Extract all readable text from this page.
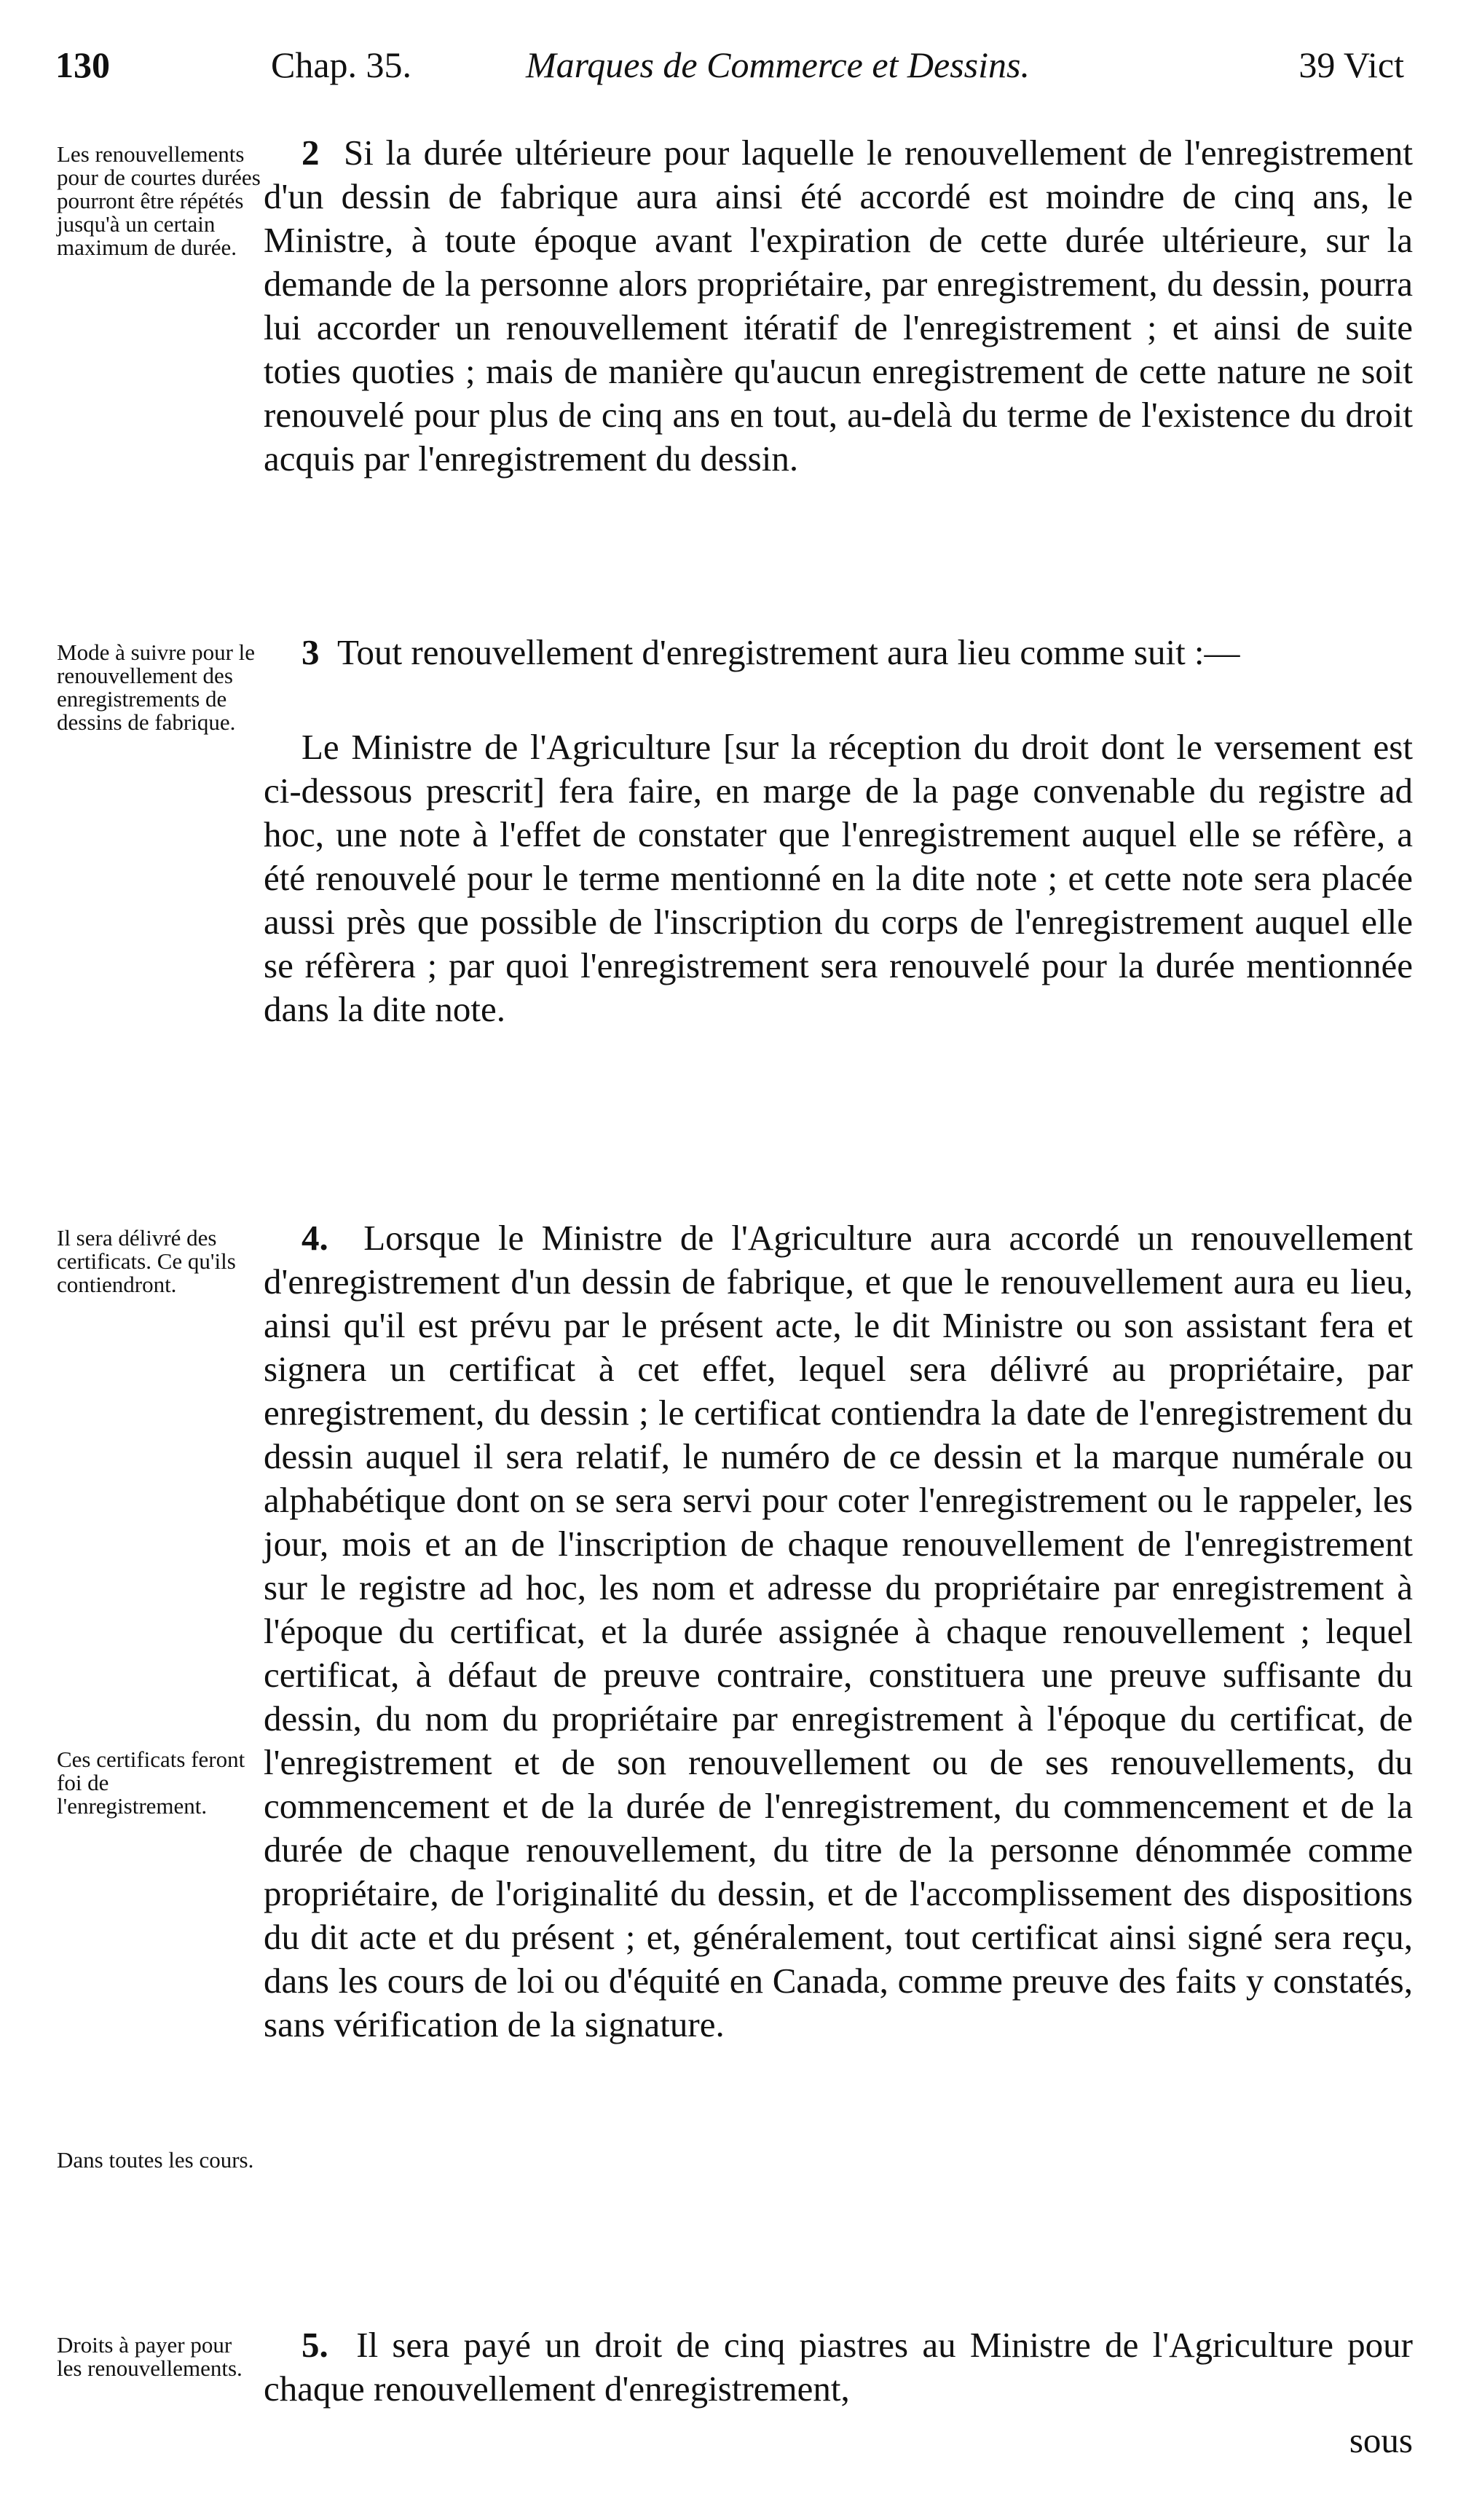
130	Chap. 35.	Marques de Commerce et Dessins.	39 Vict
Les renouvellements pour de courtes durées pourront être répétés jusqu'à un certain maximum de durée.

2 Si la durée ultérieure pour laquelle le renouvellement de l'enregistrement d'un dessin de fabrique aura ainsi été accordé est moindre de cinq ans, le Ministre, à toute époque avant l'expiration de cette durée ultérieure, sur la demande de la personne alors propriétaire, par enregistrement, du dessin, pourra lui accorder un renouvellement itératif de l'enregistrement ; et ainsi de suite toties quoties ; mais de manière qu'aucun enregistrement de cette nature ne soit renouvelé pour plus de cinq ans en tout, au-delà du terme de l'existence du droit acquis par l'enregistrement du dessin.

Mode à suivre pour le renouvellement des enregistrements de dessins de fabrique.

3 Tout renouvellement d'enregistrement aura lieu comme suit :—

Le Ministre de l'Agriculture [sur la réception du droit dont le versement est ci-dessous prescrit] fera faire, en marge de la page convenable du registre ad hoc, une note à l'effet de constater que l'enregistrement auquel elle se réfère, a été renouvelé pour le terme mentionné en la dite note ; et cette note sera placée aussi près que possible de l'inscription du corps de l'enregistrement auquel elle se réfèrera ; par quoi l'enregistrement sera renouvelé pour la durée mentionnée dans la dite note.

Il sera délivré des certificats. Ce qu'ils contiendront.
Ces certificats feront foi de l'enregistrement.
Dans toutes les cours.

4. Lorsque le Ministre de l'Agriculture aura accordé un renouvellement d'enregistrement d'un dessin de fabrique, et que le renouvellement aura eu lieu, ainsi qu'il est prévu par le présent acte, le dit Ministre ou son assistant fera et signera un certificat à cet effet, lequel sera délivré au propriétaire, par enregistrement, du dessin ; le certificat contiendra la date de l'enregistrement du dessin auquel il sera relatif, le numéro de ce dessin et la marque numérale ou alphabétique dont on se sera servi pour coter l'enregistrement ou le rappeler, les jour, mois et an de l'inscription de chaque renouvellement de l'enregistrement sur le registre ad hoc, les nom et adresse du propriétaire par enregistrement à l'époque du certificat, et la durée assignée à chaque renouvellement ; lequel certificat, à défaut de preuve contraire, constituera une preuve suffisante du dessin, du nom du propriétaire par enregistrement à l'époque du certificat, de l'enregistrement et de son renouvellement ou de ses renouvellements, du commencement et de la durée de l'enregistrement, du commencement et de la durée de chaque renouvellement, du titre de la personne dénommée comme propriétaire, de l'originalité du dessin, et de l'accomplissement des dispositions du dit acte et du présent ; et, généralement, tout certificat ainsi signé sera reçu, dans les cours de loi ou d'équité en Canada, comme preuve des faits y constatés, sans vérification de la signature.

Droits à payer pour les renouvellements.

5. Il sera payé un droit de cinq piastres au Ministre de l'Agriculture pour chaque renouvellement d'enregistrement,

sous
